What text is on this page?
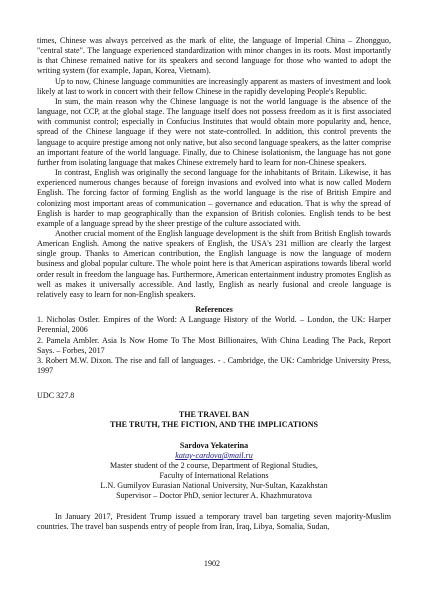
times, Chinese was always perceived as the mark of elite, the language of Imperial China – Zhongguo, "central state". The language experienced standardization with minor changes in its roots. Most importantly is that Chinese remained native for its speakers and second language for those who wanted to adopt the writing system (for example, Japan, Korea, Vietnam).

Up to now, Chinese language communities are increasingly apparent as masters of investment and look likely at last to work in concert with their fellow Chinese in the rapidly developing People's Republic.

In sum, the main reason why the Chinese language is not the world language is the absence of the language, not CCP, at the global stage. The language itself does not possess freedom as it is first associated with communist control; especially in Confucius Institutes that would obtain more popularity and, hence, spread of the Chinese language if they were not state-controlled. In addition, this control prevents the language to acquire prestige among not only native, but also second language speakers, as the latter comprise an important feature of the world language. Finally, due to Chinese isolationism, the language has not gone further from isolating language that makes Chinese extremely hard to learn for non-Chinese speakers.

In contrast, English was originally the second language for the inhabitants of Britain. Likewise, it has experienced numerous changes because of foreign invasions and evolved into what is now called Modern English. The forcing factor of forming English as the world language is the rise of British Empire and colonizing most important areas of communication – governance and education. That is why the spread of English is harder to map geographically than the expansion of British colonies. English tends to be best example of a language spread by the sheer prestige of the culture associated with.

Another crucial moment of the English language development is the shift from British English towards American English. Among the native speakers of English, the USA's 231 million are clearly the largest single group. Thanks to American contribution, the English language is now the language of modern business and global popular culture. The whole point here is that American aspirations towards liberal world order result in freedom the language has. Furthermore, American entertainment industry promotes English as well as makes it universally accessible. And lastly, English as nearly fusional and creole language is relatively easy to learn for non-English speakers.

References

1. Nicholas Ostler. Empires of the Word: A Language History of the World. – London, the UK: Harper Perennial, 2006

2. Pamela Ambler. Asia Is Now Home To The Most Billionaires, With China Leading The Pack, Report Says. – Forbes, 2017

3. Robert M.W. Dixon. The rise and fall of languages. - . Cambridge, the UK: Cambridge University Press, 1997

UDC 327.8
THE TRAVEL BAN
THE TRUTH, THE FICTION, AND THE IMPLICATIONS
Sardova Yekaterina
katay-cardova@mail.ru
Master student of the 2 course, Department of Regional Studies,
Faculty of International Relations
L.N. Gumilyov Eurasian National University, Nur-Sultan, Kazakhstan
Supervisor – Doctor PhD, senior lecturer A. Khazhmuratova

In January 2017, President Trump issued a temporary travel ban targeting seven majority-Muslim countries. The travel ban suspends entry of people from Iran, Iraq, Libya, Somalia, Sudan,

1902
